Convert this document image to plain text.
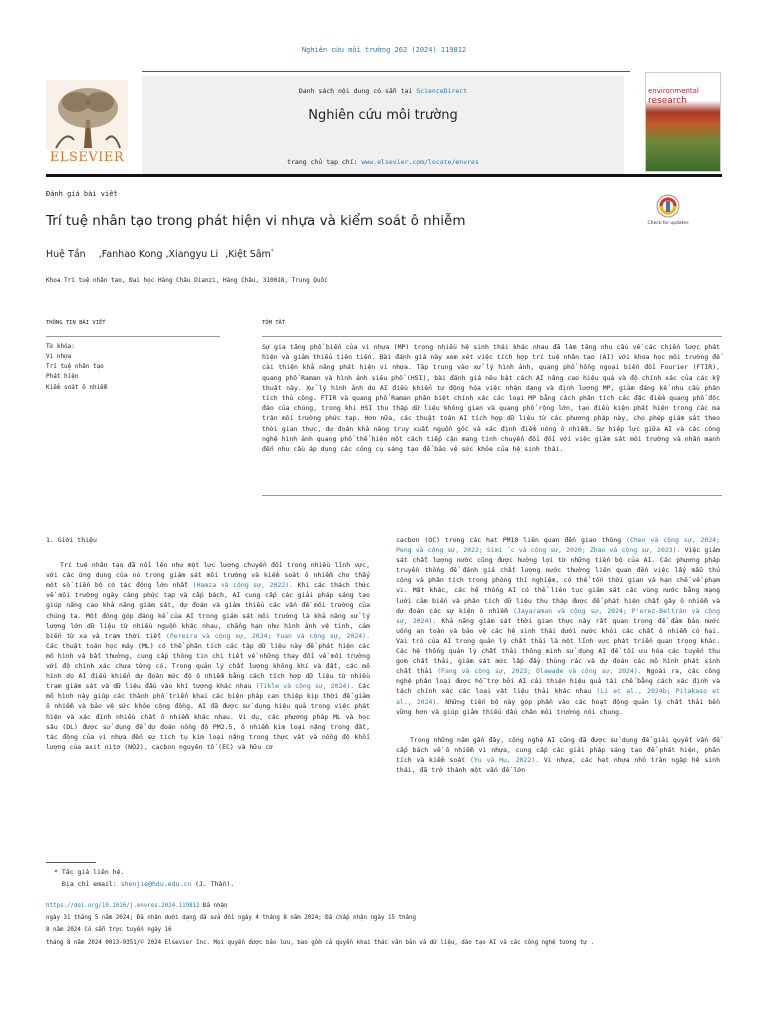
Nghiên cứu môi trường 262 (2024) 119812
ELSEVIER
Danh sách nội dung có sẵn tại ScienceDirect
Nghiên cứu môi trường
trang chủ tạp chí: www.elsevier.com/locate/envres
environmental
research
Đánh giá bài viết
Trí tuệ nhân tạo trong phát hiện vi nhựa và kiểm soát ô nhiễm	Check for updates
Huệ Tần ,Fanhao Kong ,Xiangyu Li ,Kiệt Sâm*
Khoa Trí tuệ nhân tạo, Đại học Hàng Châu Dianzi, Hàng Châu, 310018, Trung Quốc
THÔNG TIN BÀI VIẾT	TÓM TẮT
Từ khóa:
Vi nhựa
Trí tuệ nhân tạo
Phát hiện
Kiểm soát ô nhiễm
Sự gia tăng phổ biến của vi nhựa (MP) trong nhiều hệ sinh thái khác nhau đã làm tăng nhu cầu về các chiến lược phát hiện và giảm thiểu tiên tiến. Bài đánh giá này xem xét việc tích hợp trí tuệ nhân tạo (AI) với khoa học môi trường để cải thiện khả năng phát hiện vi nhựa. Tập trung vào xử lý hình ảnh, quang phổ hồng ngoại biến đổi Fourier (FTIR), quang phổ Raman và hình ảnh siêu phổ (HSI), bài đánh giá nêu bật cách AI nâng cao hiệu quả và độ chính xác của các kỹ thuật này. Xử lý hình ảnh do AI điều khiển tự động hóa việc nhận dạng và định lượng MP, giảm đáng kể nhu cầu phân tích thủ công. FTIR và quang phổ Raman phân biệt chính xác các loại MP bằng cách phân tích các đặc điểm quang phổ độc đáo của chúng, trong khi HSI thu thập dữ liệu không gian và quang phổ rộng lớn, tạo điều kiện phát hiện trong các ma trận môi trường phức tạp. Hơn nữa, các thuật toán AI tích hợp dữ liệu từ các phương pháp này, cho phép giám sát theo thời gian thực, dự đoán khả năng truy xuất nguồn gốc và xác định điểm nóng ô nhiễm. Sự hiệp lực giữa AI và các công nghệ hình ảnh quang phổ thể hiện một cách tiếp cận mang tính chuyển đổi đối với việc giám sát môi trường và nhấn mạnh đến nhu cầu áp dụng các công cụ sáng tạo để bảo vệ sức khỏe của hệ sinh thái.

1. Giới thiệu

Trí tuệ nhân tạo đã nổi lên như một lực lượng chuyển đổi trong nhiều lĩnh vực, với các ứng dụng của nó trong giám sát môi trường và kiểm soát ô nhiễm cho thấy một số tiến bộ có tác động lớn nhất (Hamza và cộng sự, 2022). Khi các thách thức về môi trường ngày càng phức tạp và cấp bách, AI cung cấp các giải pháp sáng tạo giúp nâng cao khả năng giám sát, dự đoán và giảm thiểu các vấn đề môi trường của chúng ta. Một đóng góp đáng kể của AI trong giám sát môi trường là khả năng xử lý lượng lớn dữ liệu từ nhiều nguồn khác nhau, chẳng hạn như hình ảnh vệ tinh, cảm biến từ xa và trạm thời tiết (Pereira và cộng sự, 2024; Yuan và cộng sự, 2024). Các thuật toán học máy (ML) có thể phân tích các tập dữ liệu này để phát hiện các mô hình và bất thường, cung cấp thông tin chi tiết về những thay đổi về môi trường với độ chính xác chưa từng có. Trong quản lý chất lượng không khí và đất, các mô hình do AI điều khiển dự đoán mức độ ô nhiễm bằng cách tích hợp dữ liệu từ nhiều trạm giám sát và dữ liệu đầu vào khí tượng khác nhau (Tikle và cộng sự, 2024). Các mô hình này giúp các thành phố triển khai các biện pháp can thiệp kịp thời để giảm ô nhiễm và bảo vệ sức khỏe cộng đồng. AI đã được sử dụng hiệu quả trong việc phát hiện và xác định nhiều chất ô nhiễm khác nhau. Ví dụ, các phương pháp ML và học sâu (DL) được sử dụng để dự đoán nồng độ PM2.5, ô nhiễm kim loại nặng trong đất, tác động của vi nhựa đến sự tích tụ kim loại nặng trong thực vật và nồng độ khối lượng của axit nitơ (NO2), cacbon nguyên tố (EC) và hữu cơ

cacbon (OC) trong các hạt PM10 liên quan đến giao thông (Chen và cộng sự, 2024; Peng và cộng sự, 2022; Simi ˇc và cộng sự, 2020; Zhao và cộng sự, 2023). Việc giám sát chất lượng nước cũng được hưởng lợi từ những tiến bộ của AI. Các phương pháp truyền thống để đánh giá chất lượng nước thường liên quan đến việc lấy mẫu thủ công và phân tích trong phòng thí nghiệm, có thể tốn thời gian và hạn chế về phạm vi. Mặt khác, các hệ thống AI có thể liên tục giám sát các vùng nước bằng mạng lưới cảm biến và phân tích dữ liệu thu thập được để phát hiện chất gây ô nhiễm và dự đoán các sự kiện ô nhiễm (Jayaraman và cộng sự, 2024; P'erez-Beltrán và cộng sự, 2024). Khả năng giám sát thời gian thực này rất quan trọng để đảm bảo nước uống an toàn và bảo vệ các hệ sinh thái dưới nước khỏi các chất ô nhiễm có hại. Vai trò của AI trong quản lý chất thải là một lĩnh vực phát triển quan trọng khác. Các hệ thống quản lý chất thải thông minh sử dụng AI để tối ưu hóa các tuyến thu gom chất thải, giám sát mức lấp đầy thùng rác và dự đoán các mô hình phát sinh chất thải (Fang và cộng sự, 2023; Olawade và cộng sự, 2024). Ngoài ra, các công nghệ phân loại được hỗ trợ bởi AI cải thiện hiệu quả tái chế bằng cách xác định và tách chính xác các loại vật liệu thải khác nhau (Li et al., 2024b; Pitakaso et al., 2024). Những tiến bộ này góp phần vào các hoạt động quản lý chất thải bền vững hơn và giúp giảm thiểu dấu chân môi trường nói chung.

Trong những năm gần đây, công nghệ AI cũng đã được sử dụng để giải quyết vấn đề cấp bách về ô nhiễm vi nhựa, cung cấp các giải pháp sáng tạo để phát hiện, phân tích và kiểm soát (Yu và Hu, 2022). Vi nhựa, các hạt nhựa nhỏ tràn ngập hệ sinh thái, đã trở thành một vấn đề lớn

* Tác giả liên hệ.
Địa chỉ email: shenjie@hdu.edu.cn (J. Thần).
https://doi.org/10.1016/j.envres.2024.119812 Đã nhận
ngày 31 tháng 5 năm 2024; Đã nhận dưới dạng đã sửa đổi ngày 4 tháng 8 năm 2024; Đã chấp nhận ngày 15 tháng
8 năm 2024 Có sẵn trực tuyến ngày 16
tháng 8 năm 2024 0013-9351/© 2024 Elsevier Inc. Mọi quyền được bảo lưu, bao gồm cả quyền khai thác văn bản và dữ liệu, đào tạo AI và các công nghệ tương tự .
